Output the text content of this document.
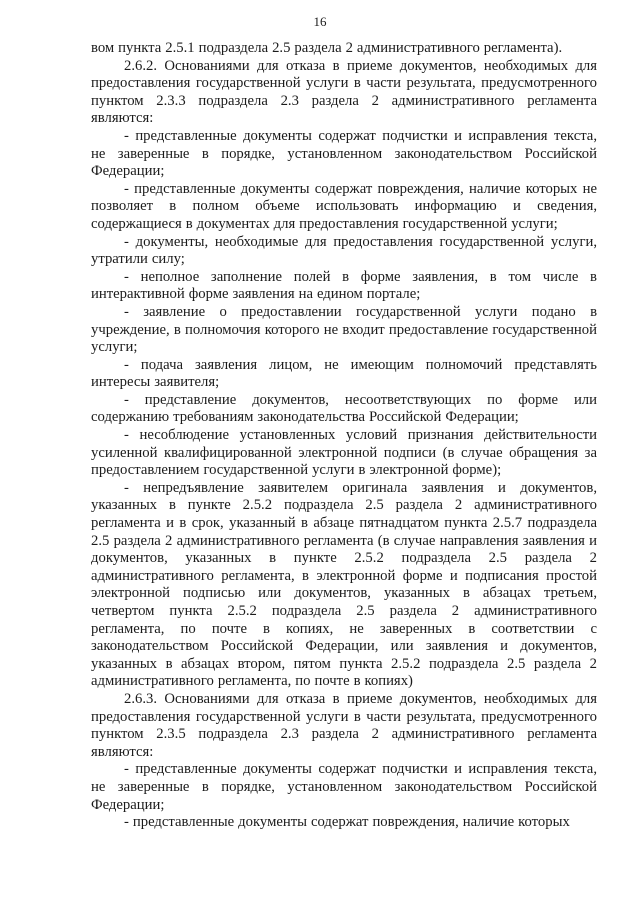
16

вом пункта 2.5.1 подраздела 2.5 раздела 2 административного регламента).

2.6.2. Основаниями для отказа в приеме документов, необходимых для предоставления государственной услуги в части результата, предусмотренного пунктом 2.3.3 подраздела 2.3 раздела 2 административного регламента являются:

- представленные документы содержат подчистки и исправления текста, не заверенные в порядке, установленном законодательством Российской Федерации;

- представленные документы содержат повреждения, наличие которых не позволяет в полном объеме использовать информацию и сведения, содержащиеся в документах для предоставления государственной услуги;

- документы, необходимые для предоставления государственной услуги, утратили силу;

- неполное заполнение полей в форме заявления, в том числе в интерактивной форме заявления на едином портале;

- заявление о предоставлении государственной услуги подано в учреждение, в полномочия которого не входит предоставление государственной услуги;

- подача заявления лицом, не имеющим полномочий представлять интересы заявителя;

- представление документов, несоответствующих по форме или содержанию требованиям законодательства Российской Федерации;

- несоблюдение установленных условий признания действительности усиленной квалифицированной электронной подписи (в случае обращения за предоставлением государственной услуги в электронной форме);

- непредъявление заявителем оригинала заявления и документов, указанных в пункте 2.5.2 подраздела 2.5 раздела 2 административного регламента и в срок, указанный в абзаце пятнадцатом пункта 2.5.7 подраздела 2.5 раздела 2 административного регламента (в случае направления заявления и документов, указанных в пункте 2.5.2 подраздела 2.5 раздела 2 административного регламента, в электронной форме и подписания простой электронной подписью или документов, указанных в абзацах третьем, четвертом пункта 2.5.2 подраздела 2.5 раздела 2 административного регламента, по почте в копиях, не заверенных в соответствии с законодательством Российской Федерации, или заявления и документов, указанных в абзацах втором, пятом пункта 2.5.2 подраздела 2.5 раздела 2 административного регламента, по почте в копиях)

2.6.3. Основаниями для отказа в приеме документов, необходимых для предоставления государственной услуги в части результата, предусмотренного пунктом 2.3.5 подраздела 2.3 раздела 2 административного регламента являются:

- представленные документы содержат подчистки и исправления текста, не заверенные в порядке, установленном законодательством Российской Федерации;

- представленные документы содержат повреждения, наличие которых
